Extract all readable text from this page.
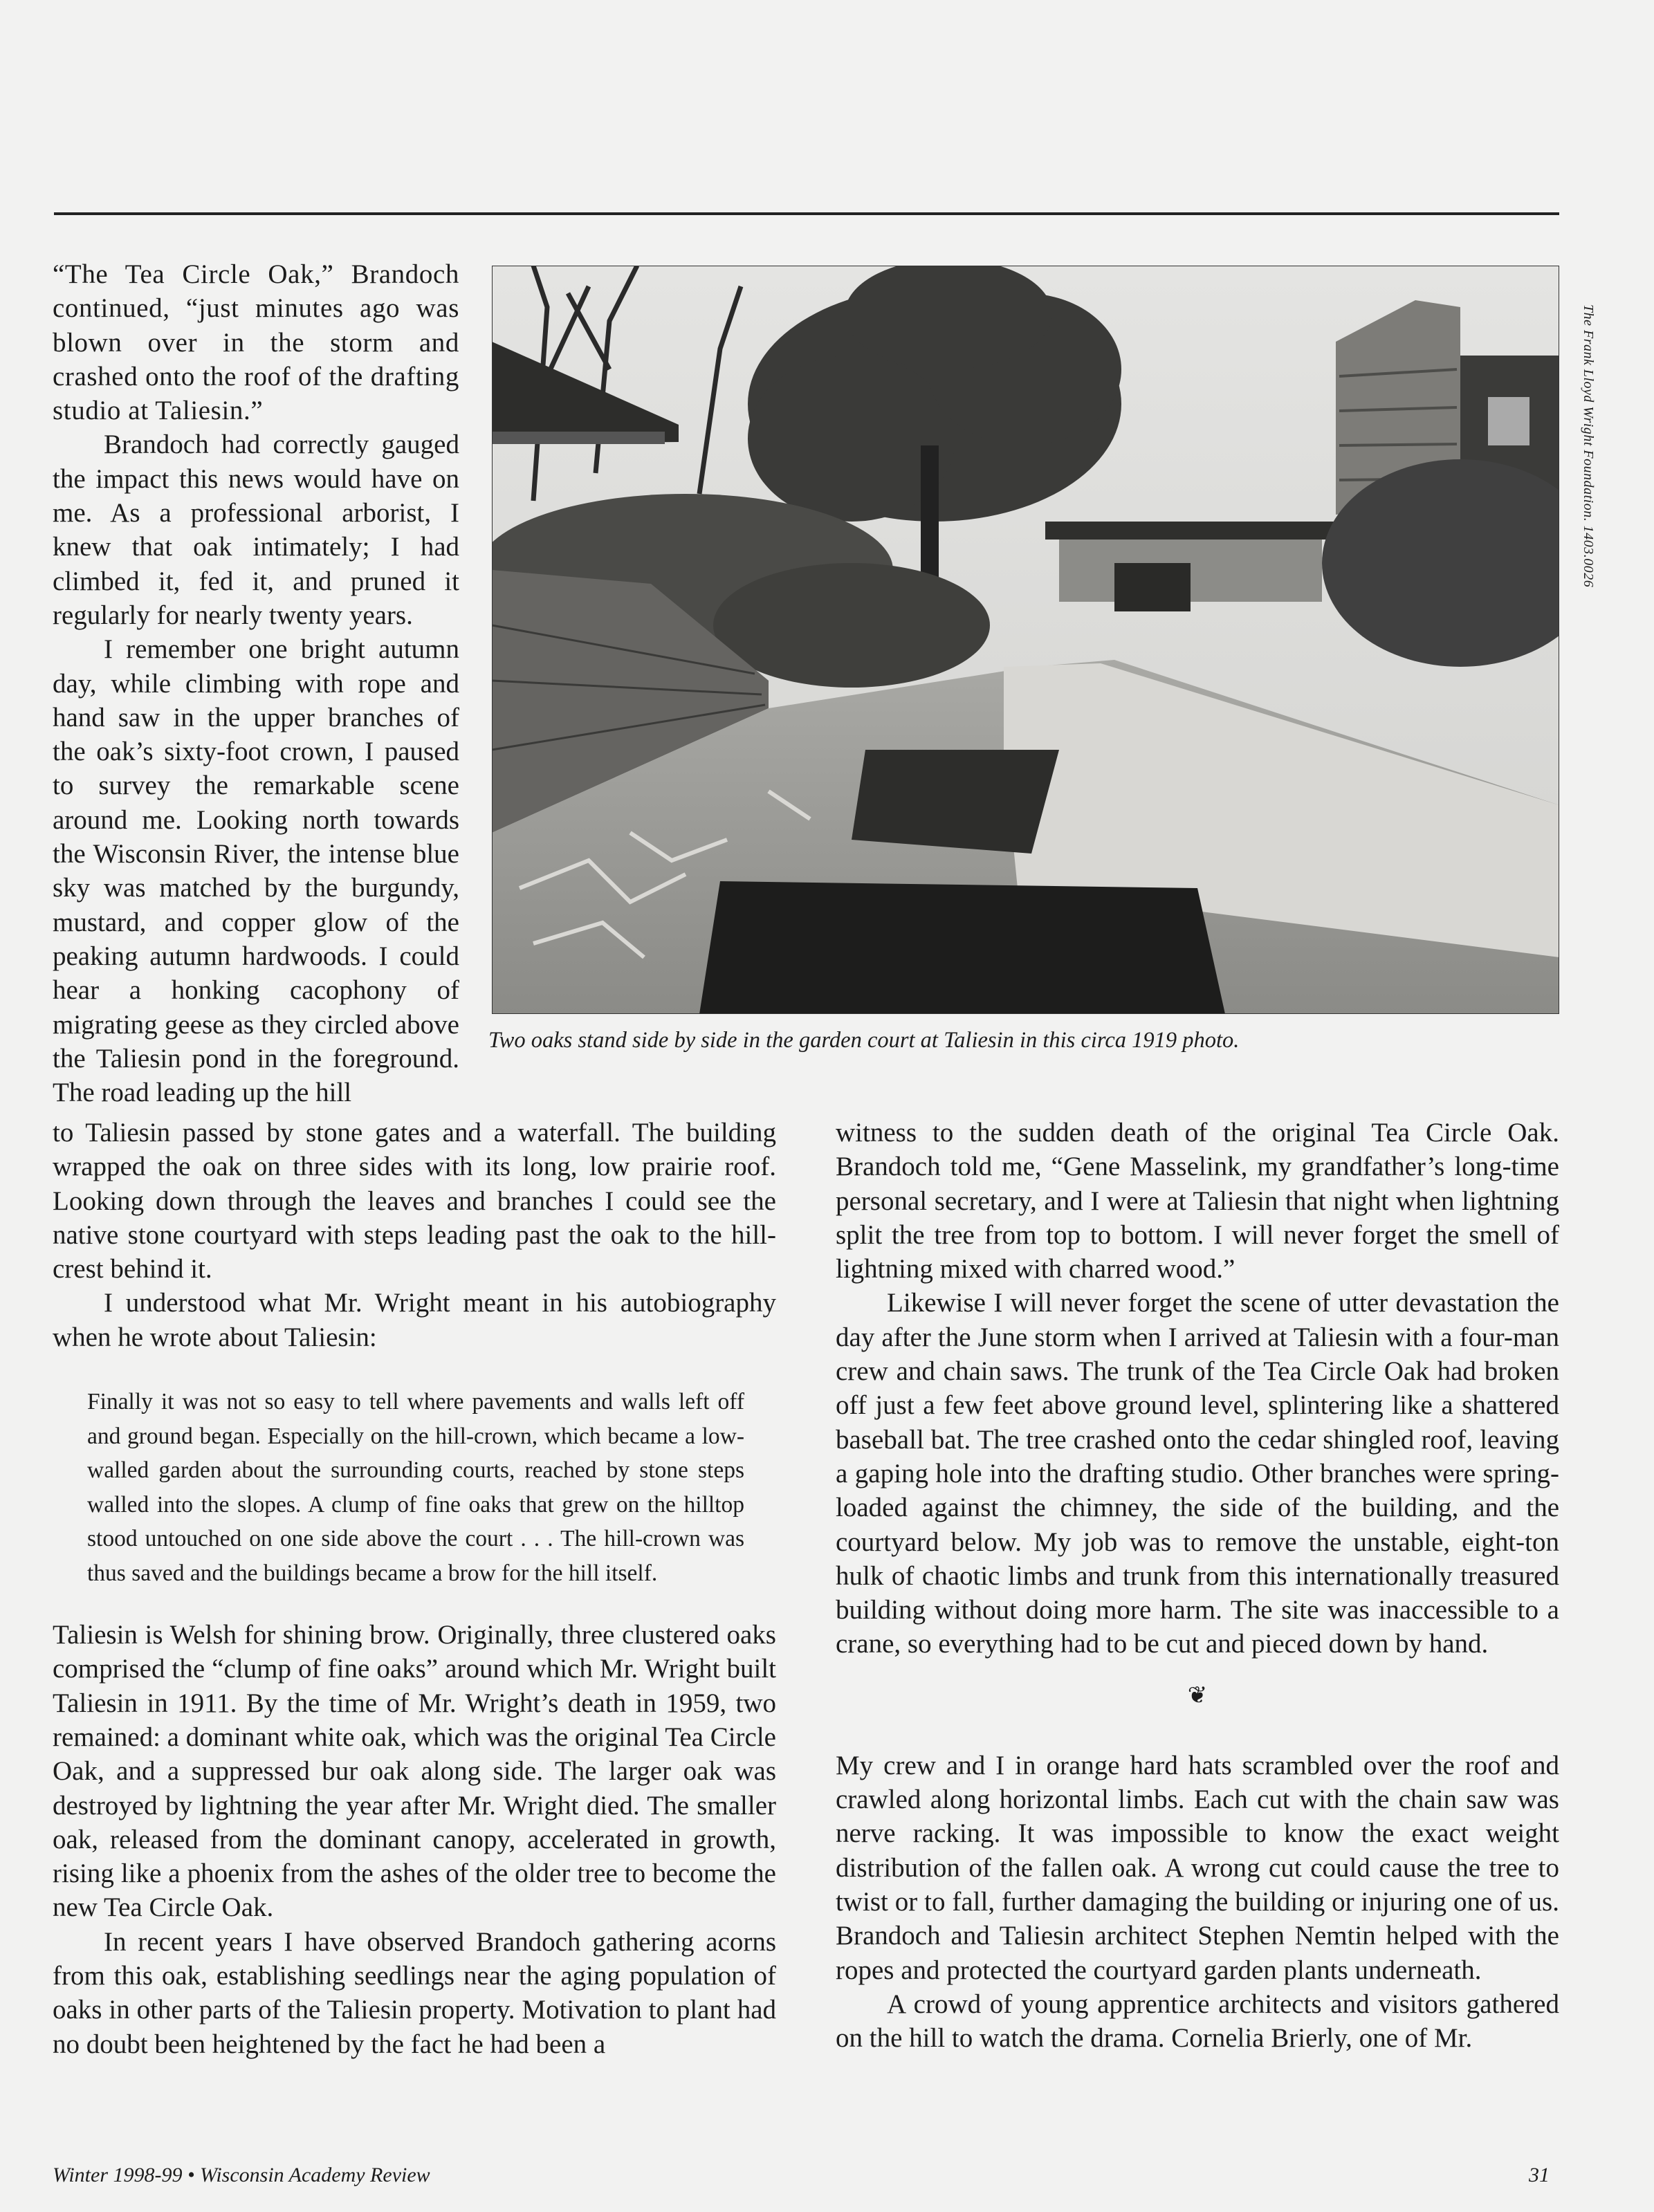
“The Tea Circle Oak,” Brandoch continued, “just minutes ago was blown over in the storm and crashed onto the roof of the drafting studio at Taliesin.”

Brandoch had correctly gauged the impact this news would have on me. As a professional arborist, I knew that oak intimately; I had climbed it, fed it, and pruned it regularly for nearly twenty years.

I remember one bright autumn day, while climbing with rope and hand saw in the upper branches of the oak’s sixty-foot crown, I paused to survey the remarkable scene around me. Looking north towards the Wisconsin River, the intense blue sky was matched by the burgundy, mustard, and copper glow of the peaking autumn hardwoods. I could hear a honking cacophony of migrating geese as they circled above the Taliesin pond in the foreground. The road leading up the hill

Two oaks stand side by side in the garden court at Taliesin in this circa 1919 photo.
The Frank Lloyd Wright Foundation. 1403.0026

to Taliesin passed by stone gates and a waterfall. The building wrapped the oak on three sides with its long, low prairie roof. Looking down through the leaves and branches I could see the native stone courtyard with steps leading past the oak to the hill-crest behind it.

I understood what Mr. Wright meant in his autobiography when he wrote about Taliesin:

Finally it was not so easy to tell where pavements and walls left off and ground began. Especially on the hill-crown, which became a low-walled garden about the surrounding courts, reached by stone steps walled into the slopes. A clump of fine oaks that grew on the hilltop stood untouched on one side above the court . . . The hill-crown was thus saved and the buildings became a brow for the hill itself.

Taliesin is Welsh for shining brow. Originally, three clustered oaks comprised the “clump of fine oaks” around which Mr. Wright built Taliesin in 1911. By the time of Mr. Wright’s death in 1959, two remained: a dominant white oak, which was the original Tea Circle Oak, and a suppressed bur oak along side. The larger oak was destroyed by lightning the year after Mr. Wright died. The smaller oak, released from the dominant canopy, accelerated in growth, rising like a phoenix from the ashes of the older tree to become the new Tea Circle Oak.

In recent years I have observed Brandoch gathering acorns from this oak, establishing seedlings near the aging population of oaks in other parts of the Taliesin property. Motivation to plant had no doubt been heightened by the fact he had been a

witness to the sudden death of the original Tea Circle Oak. Brandoch told me, “Gene Masselink, my grandfather’s long-time personal secretary, and I were at Taliesin that night when lightning split the tree from top to bottom. I will never forget the smell of lightning mixed with charred wood.”

Likewise I will never forget the scene of utter devastation the day after the June storm when I arrived at Taliesin with a four-man crew and chain saws. The trunk of the Tea Circle Oak had broken off just a few feet above ground level, splintering like a shattered baseball bat. The tree crashed onto the cedar shingled roof, leaving a gaping hole into the drafting studio. Other branches were spring-loaded against the chimney, the side of the building, and the courtyard below. My job was to remove the unstable, eight-ton hulk of chaotic limbs and trunk from this internationally treasured building without doing more harm. The site was inaccessible to a crane, so everything had to be cut and pieced down by hand.

❦

My crew and I in orange hard hats scrambled over the roof and crawled along horizontal limbs. Each cut with the chain saw was nerve racking. It was impossible to know the exact weight distribution of the fallen oak. A wrong cut could cause the tree to twist or to fall, further damaging the building or injuring one of us. Brandoch and Taliesin architect Stephen Nemtin helped with the ropes and protected the courtyard garden plants underneath.

A crowd of young apprentice architects and visitors gathered on the hill to watch the drama. Cornelia Brierly, one of Mr.

Winter 1998-99 • Wisconsin Academy Review	31
